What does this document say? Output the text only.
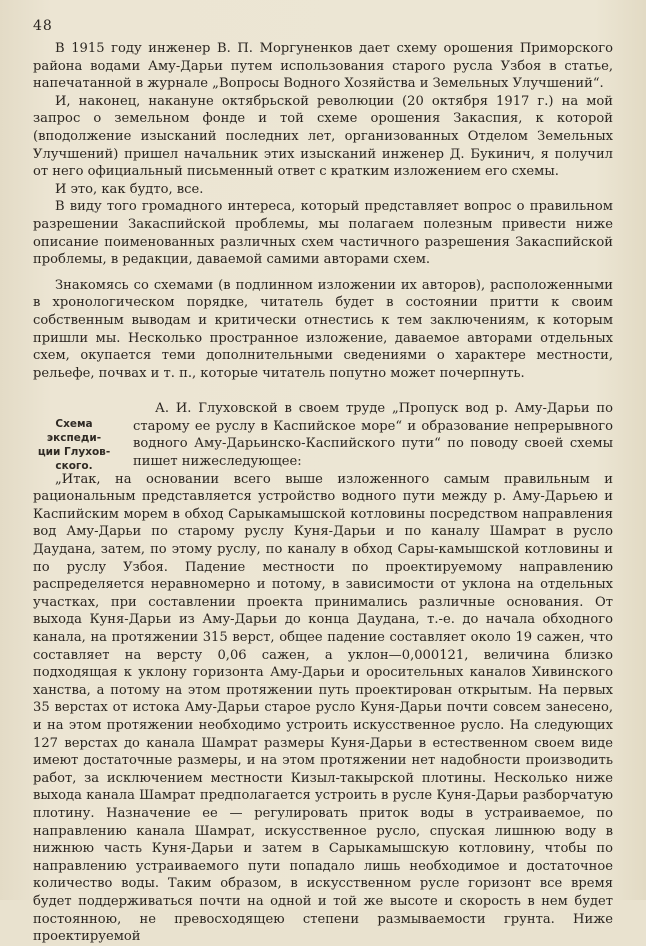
48

В 1915 году инженер В. П. Моргуненков дает схему орошения Приморского района водами Аму-Дарьи путем использования старого русла Узбоя в статье, напечатанной в журнале „Вопросы Водного Хозяйства и Земельных Улучшений“.

И, наконец, накануне октябрьской революции (20 октября 1917 г.) на мой запрос о земельном фонде и той схеме орошения Закаспия, к которой (вподолжение изысканий последних лет, организованных Отделом Земельных Улучшений) пришел начальник этих изысканий инженер Д. Букинич, я получил от него официальный письменный ответ с кратким изложением его схемы.

И это, как будто, все.

В виду того громадного интереса, который представляет вопрос о правильном разрешении Закаспийской проблемы, мы полагаем полезным привести ниже описание поименованных различных схем частичного разрешения Закаспийской проблемы, в редакции, даваемой самими авторами схем.

Знакомясь со схемами (в подлинном изложении их авторов), расположенными в хронологическом порядке, читатель будет в состоянии притти к своим собственным выводам и критически отнестись к тем заключениям, к которым пришли мы. Несколько пространное изложение, даваемое авторами отдельных схем, окупается теми дополнительными сведениями о характере местности, рельефе, почвах и т. п., которые читатель попутно может почерпнуть.

Схема экспеди-
ции Глухов-
ского.

А. И. Глуховской в своем труде „Пропуск вод р. Аму-Дарьи по старому ее руслу в Каспийское море“ и образование непрерывного водного Аму-Дарьинско-Каспийского пути“ по поводу своей схемы пишет нижеследующее:

„Итак, на основании всего выше изложенного самым правильным и рациональным представляется устройство водного пути между р. Аму-Дарьею и Каспийским морем в обход Сарыкамышской котловины посредством направления вод Аму-Дарьи по старому руслу Куня-Дарьи и по каналу Шамрат в русло Даудана, затем, по этому руслу, по каналу в обход Сары-камышской котловины и по руслу Узбоя. Падение местности по проектируемому направлению распределяется неравномерно и потому, в зависимости от уклона на отдельных участках, при составлении проекта принимались различные основания. От выхода Куня-Дарьи из Аму-Дарьи до конца Даудана, т.-е. до начала обходного канала, на протяжении 315 верст, общее падение составляет около 19 сажен, что составляет на версту 0,06 сажен, а уклон—0,000121, величина близко подходящая к уклону горизонта Аму-Дарьи и оросительных каналов Хивинского ханства, а потому на этом протяжении путь проектирован открытым. На первых 35 верстах от истока Аму-Дарьи старое русло Куня-Дарьи почти совсем занесено, и на этом протяжении необходимо устроить искусственное русло. На следующих 127 верстах до канала Шамрат размеры Куня-Дарьи в естественном своем виде имеют достаточные размеры, и на этом протяжении нет надобности производить работ, за исключением местности Кизыл-такырской плотины. Несколько ниже выхода канала Шамрат предполагается устроить в русле Куня-Дарьи разборчатую плотину. Назначение ее — регулировать приток воды в устраиваемое, по направлению канала Шамрат, искусственное русло, спуская лишнюю воду в нижнюю часть Куня-Дарьи и затем в Сарыкамышскую котловину, чтобы по направлению устраиваемого пути попадало лишь необходимое и достаточное количество воды. Таким образом, в искусственном русле горизонт все время будет поддерживаться почти на одной и той же высоте и скорость в нем будет постоянною, не превосходящею степени размываемости грунта. Ниже проектируемой
